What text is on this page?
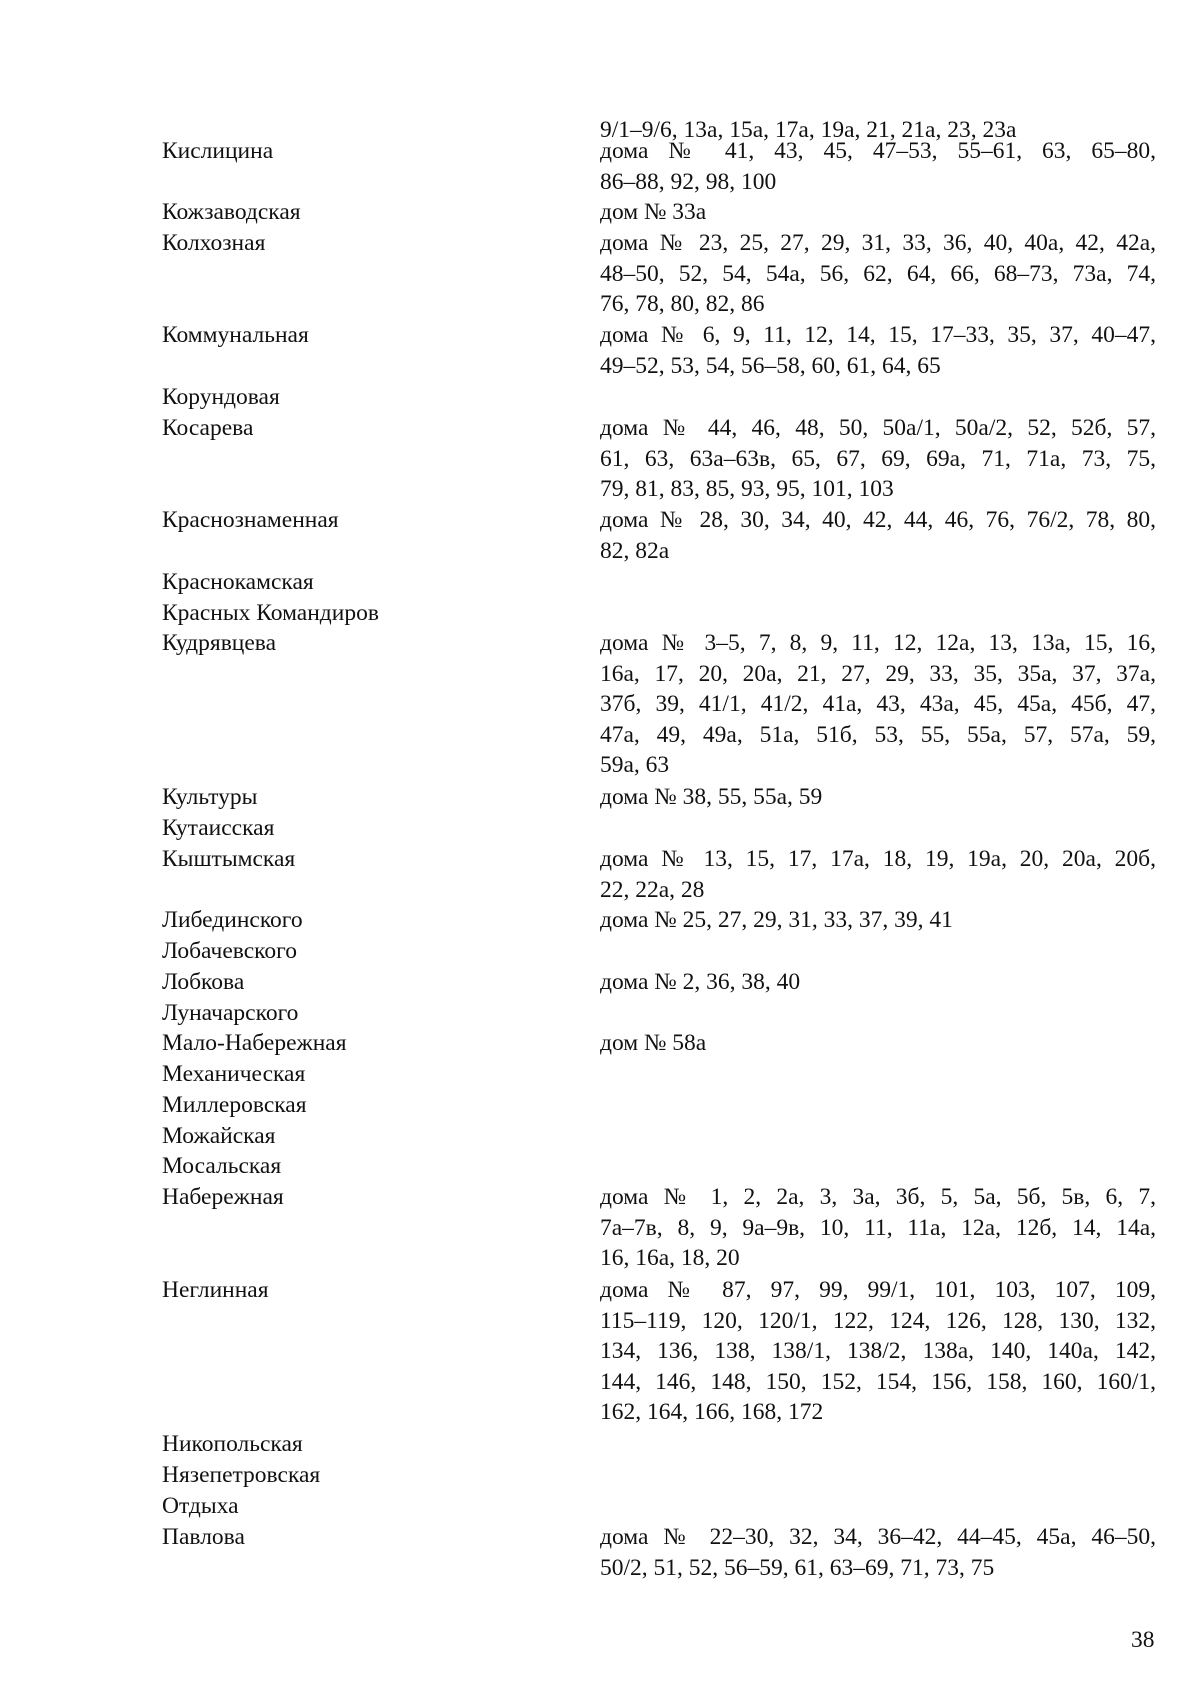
9/1–9/6, 13а, 15а, 17а, 19а, 21, 21а, 23, 23а
Кислицина	дома № 41, 43, 45, 47–53, 55–61, 63, 65–80,
86–88, 92, 98, 100
Кожзаводская	дом № 33а
Колхозная	дома № 23, 25, 27, 29, 31, 33, 36, 40, 40а, 42, 42а,
48–50, 52, 54, 54а, 56, 62, 64, 66, 68–73, 73а, 74,
76, 78, 80, 82, 86
Коммунальная	дома № 6, 9, 11, 12, 14, 15, 17–33, 35, 37, 40–47,
49–52, 53, 54, 56–58, 60, 61, 64, 65
Корундовая
Косарева	дома № 44, 46, 48, 50, 50а/1, 50а/2, 52, 52б, 57,
61, 63, 63а–63в, 65, 67, 69, 69а, 71, 71а, 73, 75,
79, 81, 83, 85, 93, 95, 101, 103
Краснознаменная	дома № 28, 30, 34, 40, 42, 44, 46, 76, 76/2, 78, 80,
82, 82а
Краснокамская
Красных Командиров
Кудрявцева	дома № 3–5, 7, 8, 9, 11, 12, 12а, 13, 13а, 15, 16,
16а, 17, 20, 20а, 21, 27, 29, 33, 35, 35а, 37, 37а,
37б, 39, 41/1, 41/2, 41а, 43, 43а, 45, 45а, 45б, 47,
47а, 49, 49а, 51а, 51б, 53, 55, 55а, 57, 57а, 59,
59а, 63
Культуры	дома № 38, 55, 55а, 59
Кутаисская
Кыштымская	дома № 13, 15, 17, 17а, 18, 19, 19а, 20, 20а, 20б,
22, 22а, 28
Либединского	дома № 25, 27, 29, 31, 33, 37, 39, 41
Лобачевского
Лобкова	дома № 2, 36, 38, 40
Луначарского
Мало-Набережная	дом № 58а
Механическая
Миллеровская
Можайская
Мосальская
Набережная	дома № 1, 2, 2а, 3, 3а, 3б, 5, 5а, 5б, 5в, 6, 7,
7а–7в, 8, 9, 9а–9в, 10, 11, 11а, 12а, 12б, 14, 14а,
16, 16а, 18, 20
Неглинная	дома № 87, 97, 99, 99/1, 101, 103, 107, 109,
115–119, 120, 120/1, 122, 124, 126, 128, 130, 132,
134, 136, 138, 138/1, 138/2, 138а, 140, 140а, 142,
144, 146, 148, 150, 152, 154, 156, 158, 160, 160/1,
162, 164, 166, 168, 172
Никопольская
Нязепетровская
Отдыха
Павлова	дома № 22–30, 32, 34, 36–42, 44–45, 45а, 46–50,
50/2, 51, 52, 56–59, 61, 63–69, 71, 73, 75
38
